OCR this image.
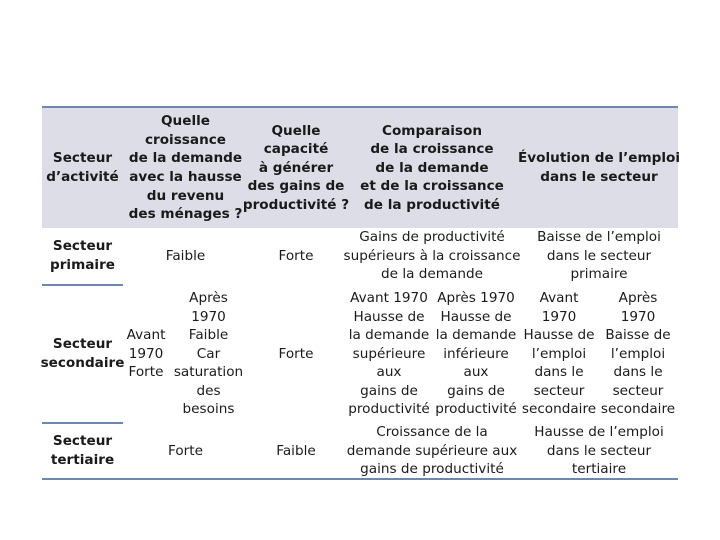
Secteur
d’activité
Quelle
croissance
de la demande
avec la hausse
du revenu
des ménages ?
Quelle
capacité
à générer
des gains de
productivité ?
Comparaison
de la croissance
de la demande
et de la croissance
de la productivité
Évolution de l’emploi
dans le secteur
Secteur
primaire
Faible	Forte
Gains de productivité
supérieurs à la croissance
de la demande
Baisse de l’emploi
dans le secteur
primaire
Secteur
secondaire
Avant
1970
Forte
Après
1970
Faible
Car
saturation
des
besoins
Forte
Avant 1970
Hausse de
la demande
supérieure
aux
gains de
productivité
Après 1970
Hausse de
la demande
inférieure
aux
gains de
productivité
Avant
1970
Hausse de
l’emploi
dans le
secteur
secondaire
Après
1970
Baisse de
l’emploi
dans le
secteur
secondaire
Secteur
tertiaire
Forte	Faible
Croissance de la
demande supérieure aux
gains de productivité
Hausse de l’emploi
dans le secteur
tertiaire
